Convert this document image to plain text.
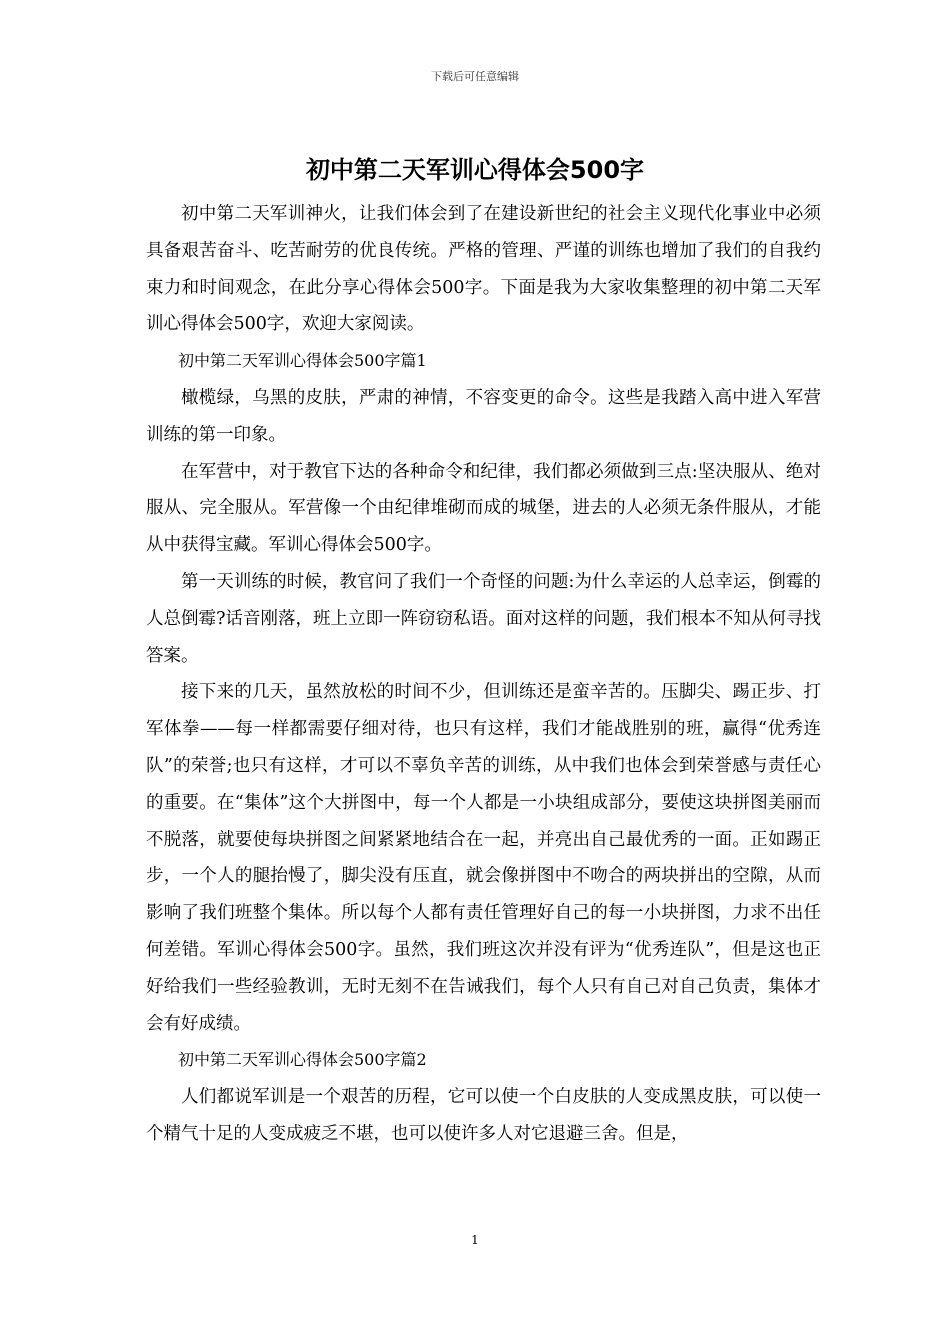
下载后可任意编辑
初中第二天军训心得体会500字

初中第二天军训神火，让我们体会到了在建设新世纪的社会主义现代化事业中必须具备艰苦奋斗、吃苦耐劳的优良传统。严格的管理、严谨的训练也增加了我们的自我约束力和时间观念，在此分享心得体会500字。下面是我为大家收集整理的初中第二天军训心得体会500字，欢迎大家阅读。

初中第二天军训心得体会500字篇1

橄榄绿，乌黑的皮肤，严肃的神情，不容变更的命令。这些是我踏入高中进入军营训练的第一印象。

在军营中，对于教官下达的各种命令和纪律，我们都必须做到三点:坚决服从、绝对服从、完全服从。军营像一个由纪律堆砌而成的城堡，进去的人必须无条件服从，才能从中获得宝藏。军训心得体会500字。

第一天训练的时候，教官问了我们一个奇怪的问题:为什么幸运的人总幸运，倒霉的人总倒霉?话音刚落，班上立即一阵窃窃私语。面对这样的问题，我们根本不知从何寻找答案。

接下来的几天，虽然放松的时间不少，但训练还是蛮辛苦的。压脚尖、踢正步、打军体拳——每一样都需要仔细对待，也只有这样，我们才能战胜别的班，赢得“优秀连队”的荣誉;也只有这样，才可以不辜负辛苦的训练，从中我们也体会到荣誉感与责任心的重要。在“集体”这个大拼图中，每一个人都是一小块组成部分，要使这块拼图美丽而不脱落，就要使每块拼图之间紧紧地结合在一起，并亮出自己最优秀的一面。正如踢正步，一个人的腿抬慢了，脚尖没有压直，就会像拼图中不吻合的两块拼出的空隙，从而影响了我们班整个集体。所以每个人都有责任管理好自己的每一小块拼图，力求不出任何差错。军训心得体会500字。虽然，我们班这次并没有评为“优秀连队”，但是这也正好给我们一些经验教训，无时无刻不在告诫我们，每个人只有自己对自己负责，集体才会有好成绩。

初中第二天军训心得体会500字篇2

人们都说军训是一个艰苦的历程，它可以使一个白皮肤的人变成黑皮肤，可以使一个精气十足的人变成疲乏不堪，也可以使许多人对它退避三舍。但是，

1
